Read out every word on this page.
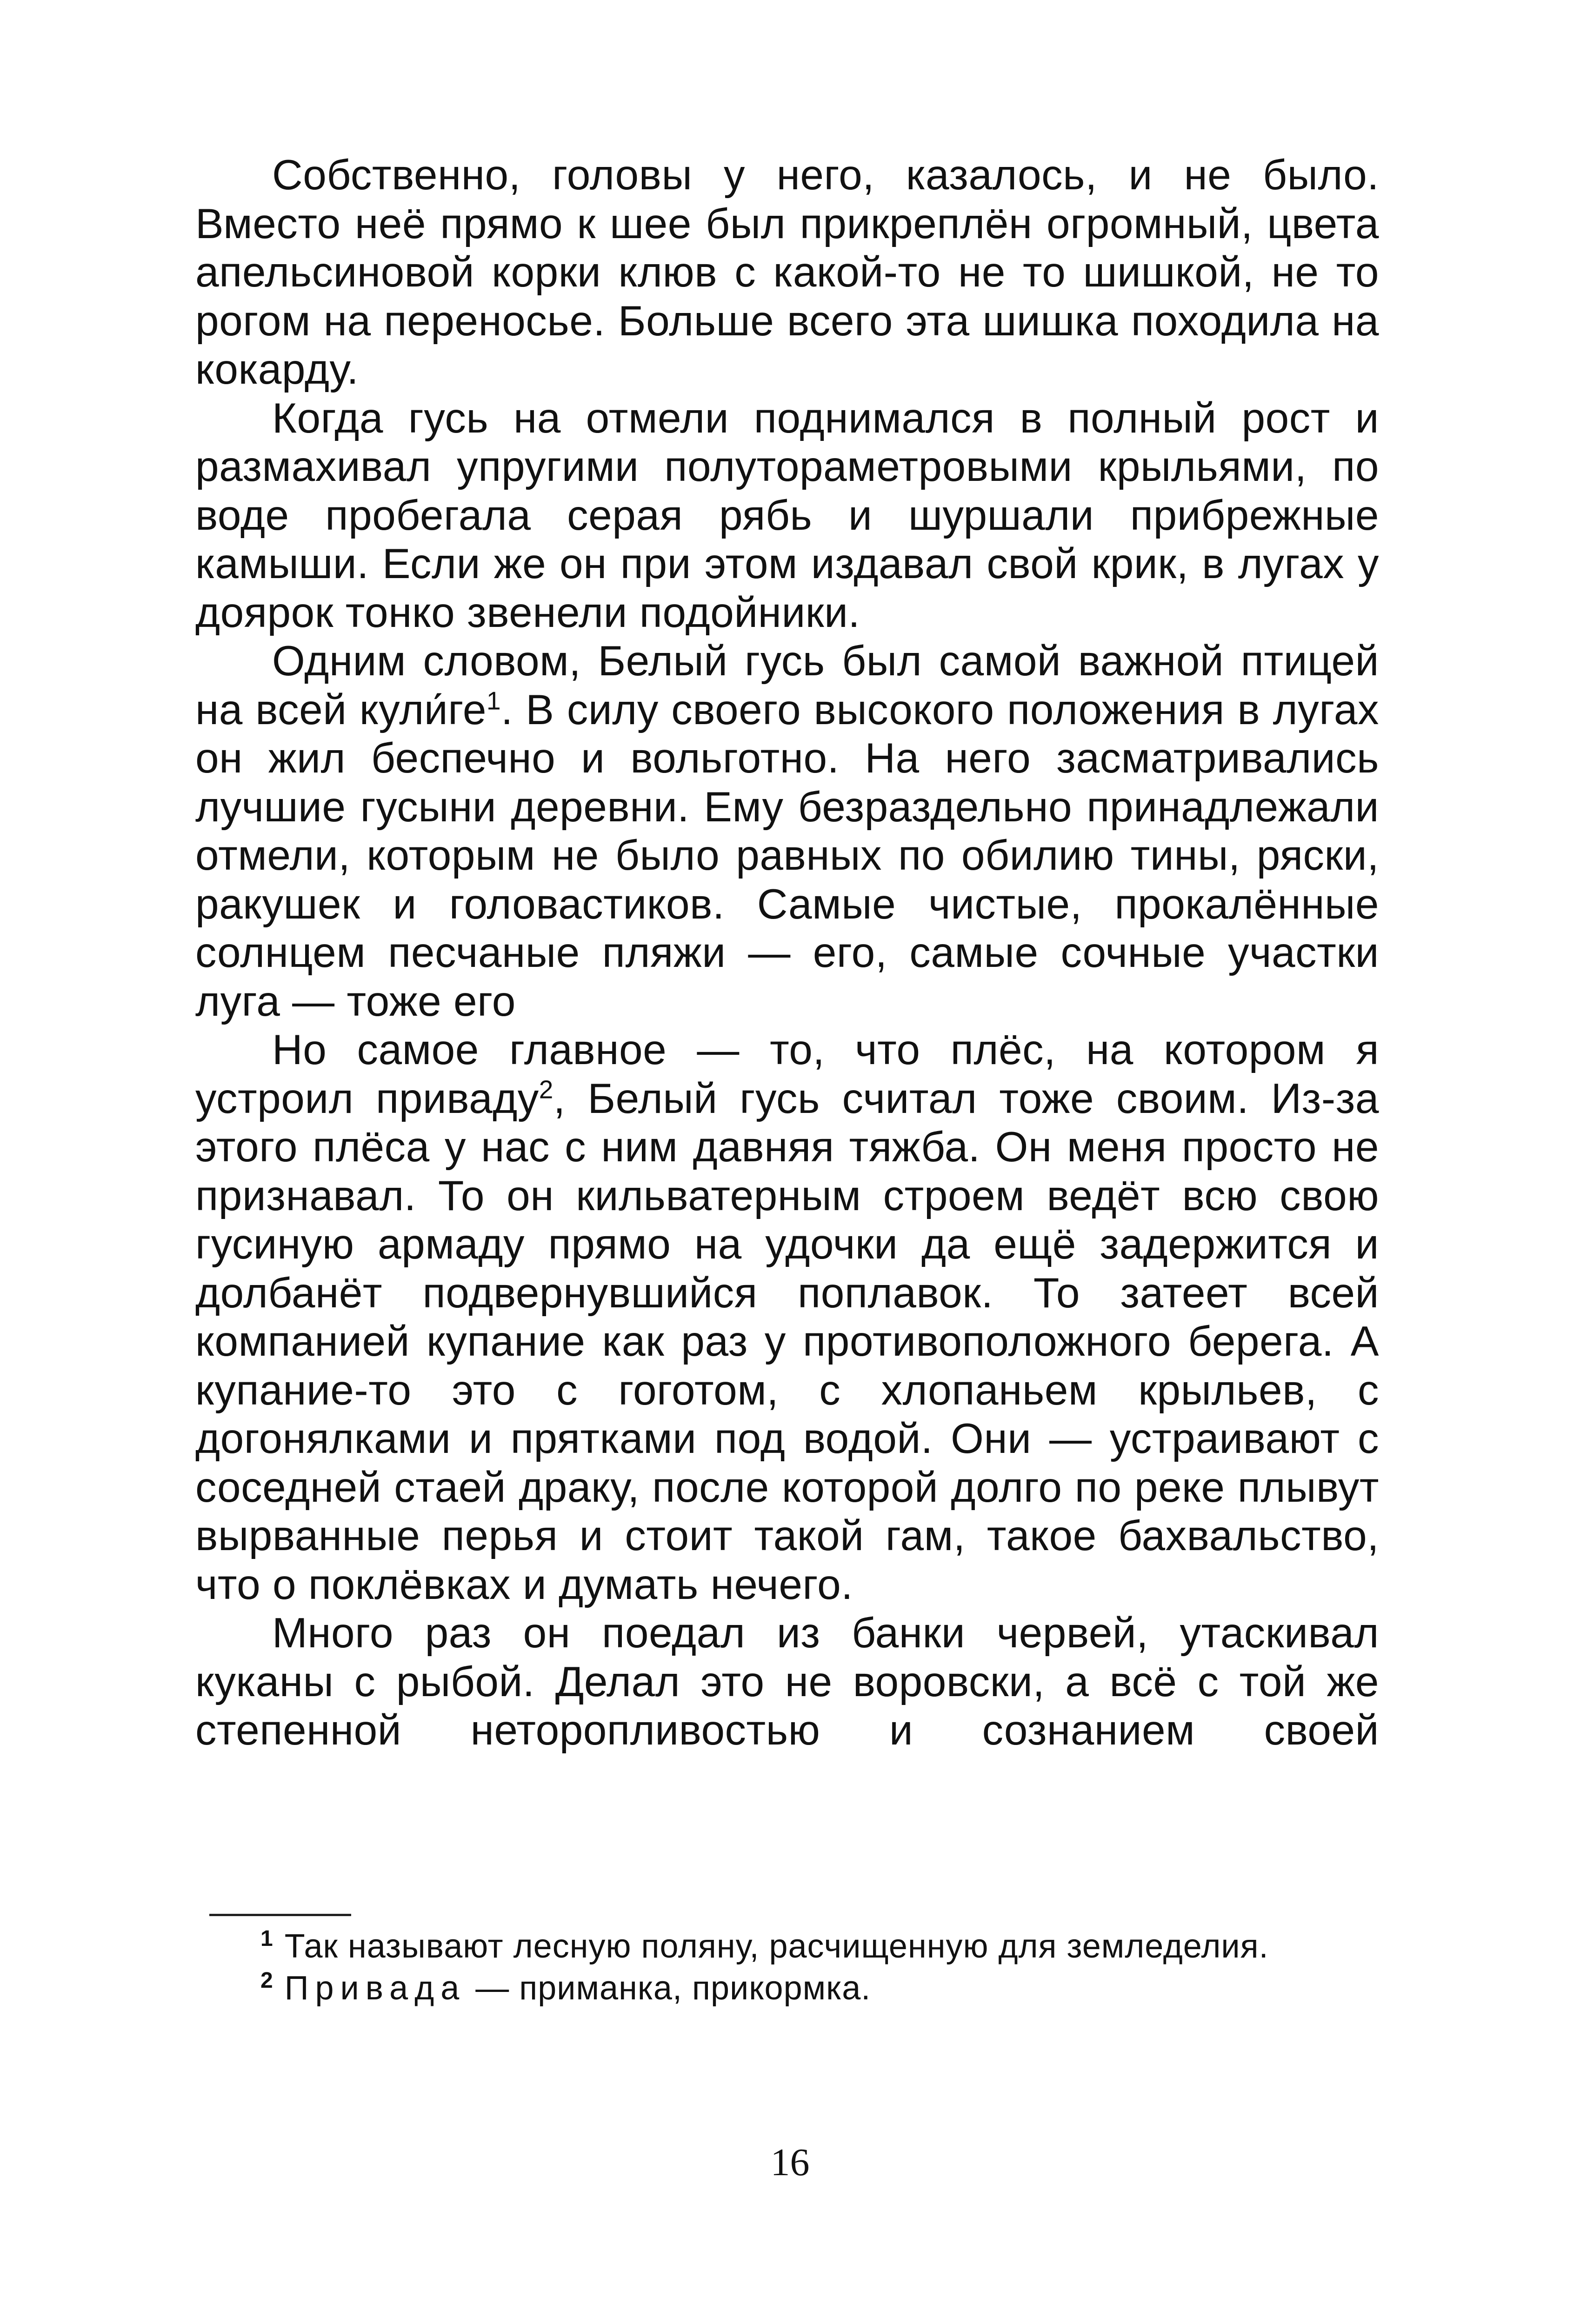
Собственно, головы у него, казалось, и не было. Вместо неё прямо к шее был прикреплён огромный, цвета апельсиновой корки клюв с какой-то не то шишкой, не то рогом на переносье. Больше всего эта шишка походила на кокарду.

Когда гусь на отмели поднимался в полный рост и размахивал упругими полутораметровыми крыльями, по воде пробегала серая рябь и шуршали прибрежные камыши. Если же он при этом издавал свой крик, в лугах у доярок тонко звенели подойники.

Одним словом, Белый гусь был самой важной птицей на всей кули́ге$^1$. В силу своего высокого положения в лугах он жил беспечно и вольготно. На него засматривались лучшие гусыни деревни. Ему безраздельно принадлежали отмели, которым не было равных по обилию тины, ряски, ракушек и головастиков. Самые чистые, прокалённые солнцем песчаные пляжи — его, самые сочные участки луга — тоже его

Но самое главное — то, что плёс, на котором я устроил приваду$^2$, Белый гусь считал тоже своим. Из-за этого плёса у нас с ним давняя тяжба. Он меня просто не признавал. То он кильватерным строем ведёт всю свою гусиную армаду прямо на удочки да ещё задержится и долбанёт подвернувшийся поплавок. То затеет всей компанией купание как раз у противоположного берега. А купание-то это с гоготом, с хлопаньем крыльев, с догонялками и прятками под водой. Они — устраивают с соседней стаей драку, после которой долго по реке плывут вырванные перья и стоит такой гам, такое бахвальство, что о поклёвках и думать нечего.

Много раз он поедал из банки червей, утаскивал куканы с рыбой. Делал это не воровски, а всё с той же степенной неторопливостью и сознанием своей

$^1$ Так называют лесную поляну, расчищенную для земледелия.

$^2$ Привада — приманка, прикормка.

16
